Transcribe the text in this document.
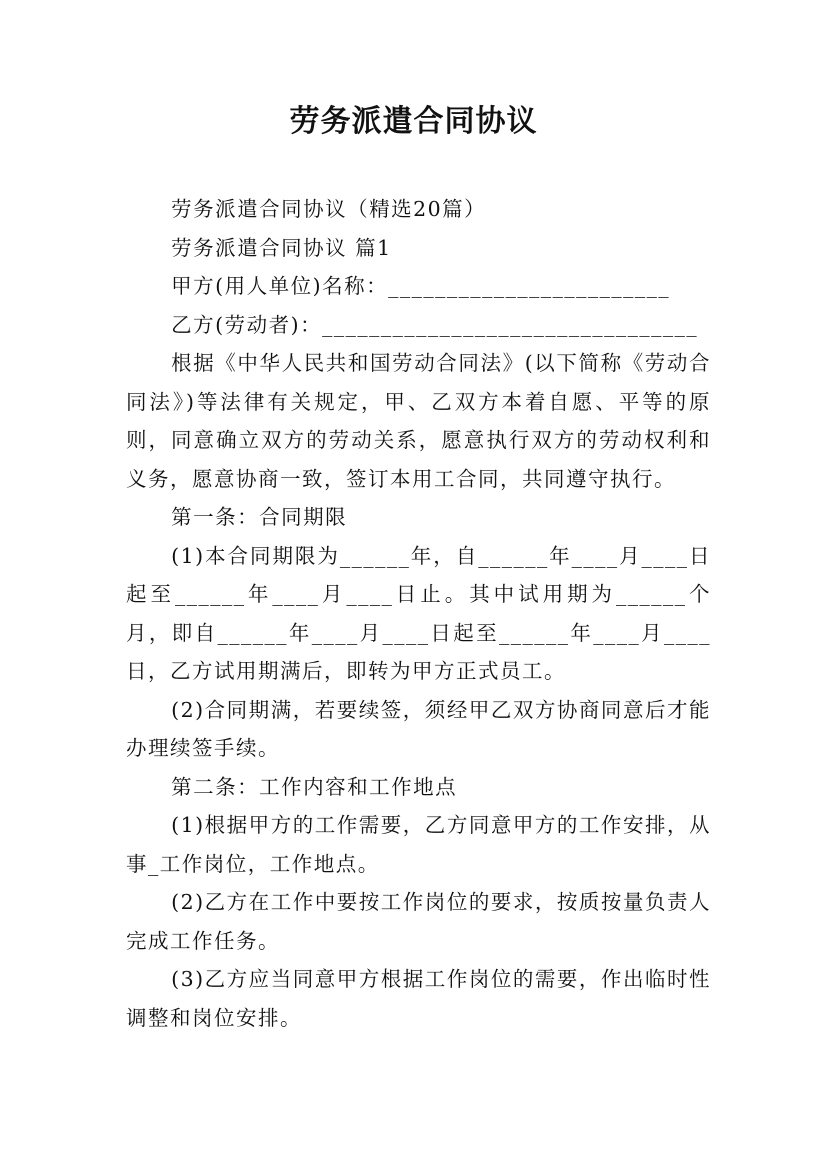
劳务派遣合同协议

劳务派遣合同协议（精选20篇）

劳务派遣合同协议 篇1

甲方(用人单位)名称：________________________

乙方(劳动者)：________________________________

根据《中华人民共和国劳动合同法》(以下简称《劳动合同法》)等法律有关规定，甲、乙双方本着自愿、平等的原则，同意确立双方的劳动关系，愿意执行双方的劳动权利和义务，愿意协商一致，签订本用工合同，共同遵守执行。

第一条：合同期限

(1)本合同期限为______年，自______年____月____日起至______年____月____日止。其中试用期为______个月，即自______年____月____日起至______年____月____日，乙方试用期满后，即转为甲方正式员工。

(2)合同期满，若要续签，须经甲乙双方协商同意后才能办理续签手续。

第二条：工作内容和工作地点

(1)根据甲方的工作需要，乙方同意甲方的工作安排，从事_工作岗位，工作地点。

(2)乙方在工作中要按工作岗位的要求，按质按量负责人完成工作任务。

(3)乙方应当同意甲方根据工作岗位的需要，作出临时性调整和岗位安排。
